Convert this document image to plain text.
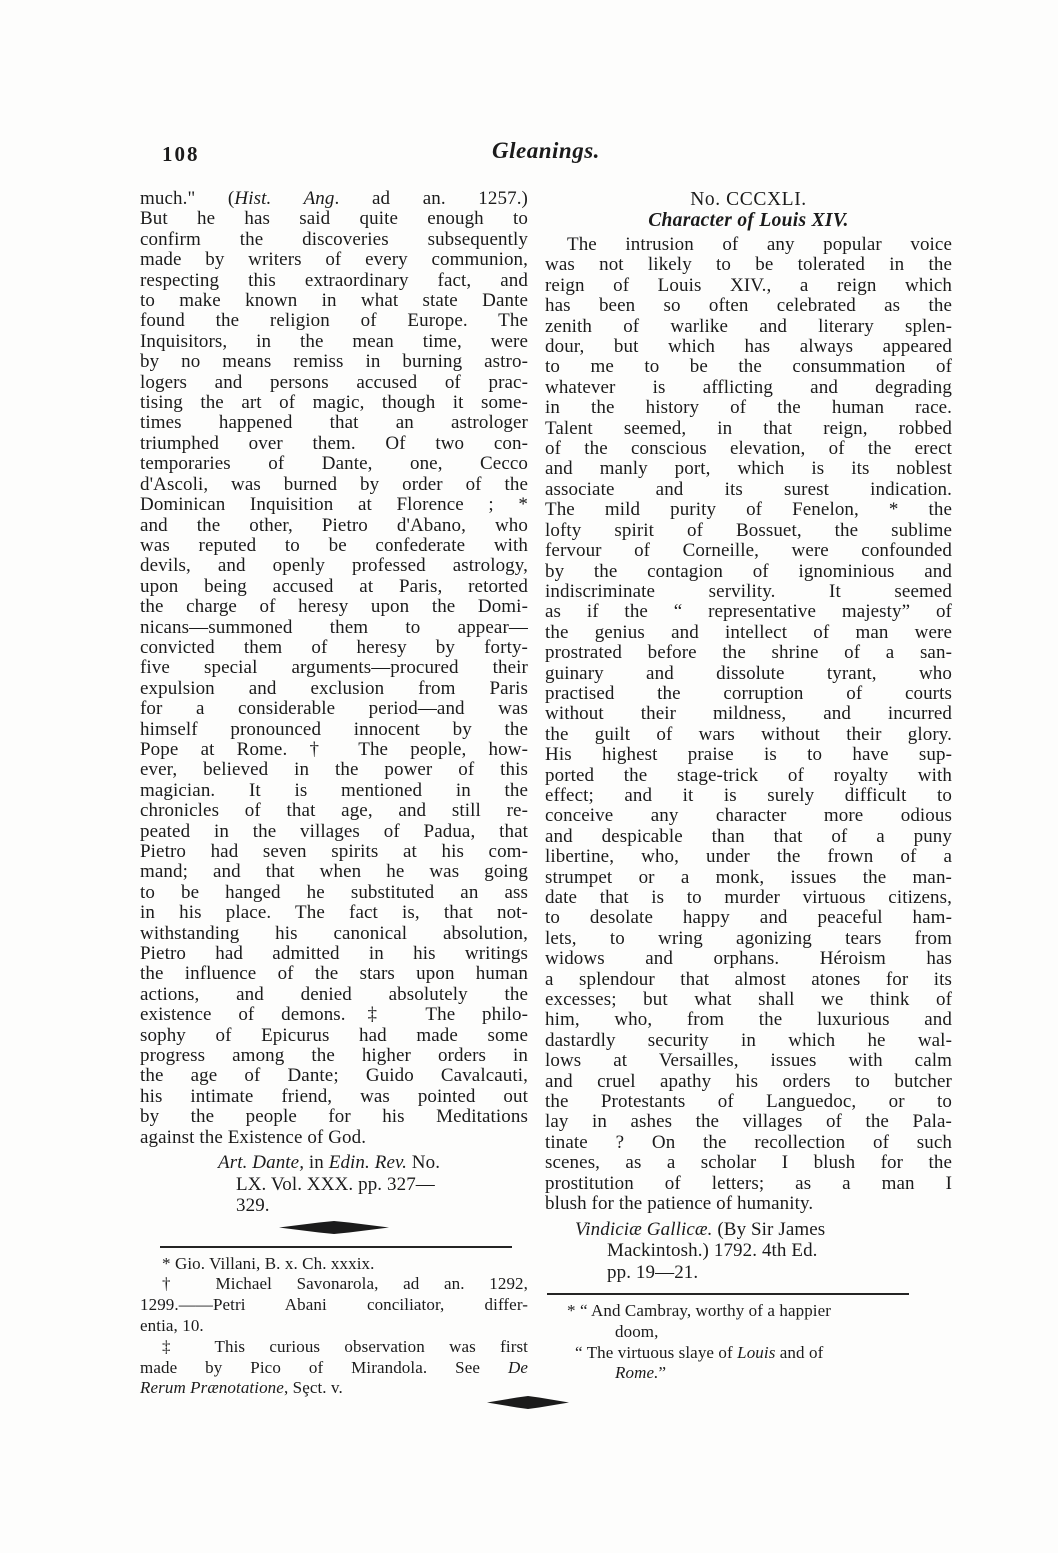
108	Gleanings.
much." (Hist. Ang. ad an. 1257.)
But he has said quite enough to
confirm the discoveries subsequently
made by writers of every communion,
respecting this extraordinary fact, and
to make known in what state Dante
found the religion of Europe. The
Inquisitors, in the mean time, were
by no means remiss in burning astro-
logers and persons accused of prac-
tising the art of magic, though it some-
times happened that an astrologer
triumphed over them. Of two con-
temporaries of Dante, one, Cecco
d'Ascoli, was burned by order of the
Dominican Inquisition at Florence ; *
and the other, Pietro d'Abano, who
was reputed to be confederate with
devils, and openly professed astrology,
upon being accused at Paris, retorted
the charge of heresy upon the Domi-
nicans—summoned them to appear—
convicted them of heresy by forty-
five special arguments—procured their
expulsion and exclusion from Paris
for a considerable period—and was
himself pronounced innocent by the
Pope at Rome. † The people, how-
ever, believed in the power of this
magician. It is mentioned in the
chronicles of that age, and still re-
peated in the villages of Padua, that
Pietro had seven spirits at his com-
mand; and that when he was going
to be hanged he substituted an ass
in his place. The fact is, that not-
withstanding his canonical absolution,
Pietro had admitted in his writings
the influence of the stars upon human
actions, and denied absolutely the
existence of demons.‡ The philo-
sophy of Epicurus had made some
progress among the higher orders in
the age of Dante; Guido Cavalcauti,
his intimate friend, was pointed out
by the people for his Meditations
against the Existence of God.
Art. Dante, in Edin. Rev. No.
LX. Vol. XXX. pp. 327—
329.
* Gio. Villani, B. x. Ch. xxxix.
† Michael Savonarola, ad an. 1292,
1299.——Petri Abani conciliator, differ-
entia, 10.
‡ This curious observation was first
made by Pico of Mirandola. See De
Rerum Prænotatione, Sȩct. v.
No. CCCXLI.
Character of Louis XIV.
The intrusion of any popular voice
was not likely to be tolerated in the
reign of Louis XIV., a reign which
has been so often celebrated as the
zenith of warlike and literary splen-
dour, but which has always appeared
to me to be the consummation of
whatever is afflicting and degrading
in the history of the human race.
Talent seemed, in that reign, robbed
of the conscious elevation, of the erect
and manly port, which is its noblest
associate and its surest indication.
The mild purity of Fenelon, * the
lofty spirit of Bossuet, the sublime
fervour of Corneille, were confounded
by the contagion of ignominious and
indiscriminate servility. It seemed
as if the “ representative majesty” of
the genius and intellect of man were
prostrated before the shrine of a san-
guinary and dissolute tyrant, who
practised the corruption of courts
without their mildness, and incurred
the guilt of wars without their glory.
His highest praise is to have sup-
ported the stage-trick of royalty with
effect; and it is surely difficult to
conceive any character more odious
and despicable than that of a puny
libertine, who, under the frown of a
strumpet or a monk, issues the man-
date that is to murder virtuous citizens,
to desolate happy and peaceful ham-
lets, to wring agonizing tears from
widows and orphans. Héroism has
a splendour that almost atones for its
excesses; but what shall we think of
him, who, from the luxurious and
dastardly security in which he wal-
lows at Versailles, issues with calm
and cruel apathy his orders to butcher
the Protestants of Languedoc, or to
lay in ashes the villages of the Pala-
tinate ? On the recollection of such
scenes, as a scholar I blush for the
prostitution of letters; as a man I
blush for the patience of humanity.
Vindiciæ Gallicæ. (By Sir James
Mackintosh.) 1792. 4th Ed.
pp. 19—21.
* “ And Cambray, worthy of a happier
doom,
“ The virtuous slaye of Louis and of
Rome.”
